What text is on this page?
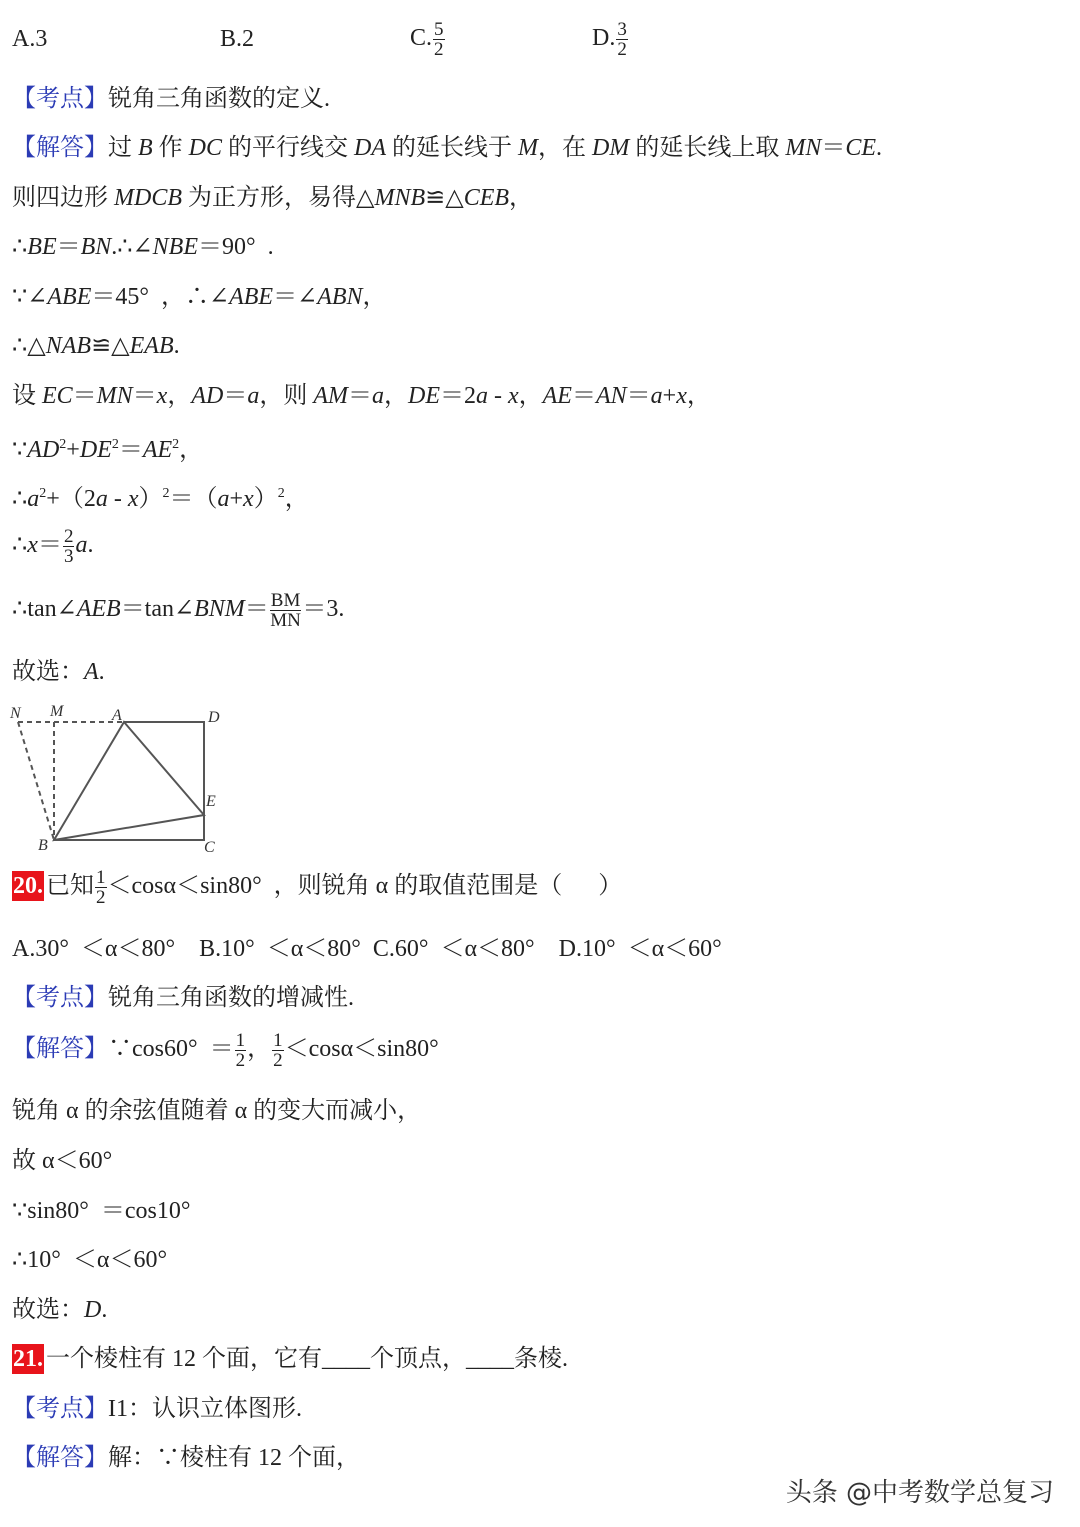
A.3	B.2	C. $\frac{5}{2}$	D. $\frac{3}{2}$
【考点】锐角三角函数的定义.
【解答】过 B 作 DC 的平行线交 DA 的延长线于 M，在 DM 的延长线上取 MN＝CE.
则四边形 MDCB 为正方形，易得△MNB≌△CEB，
∴BE＝BN.∴∠NBE＝90°  .
∵∠ABE＝45°  ，∴∠ABE＝∠ABN，
∴△NAB≌△EAB.
设 EC＝MN＝x，AD＝a，则 AM＝a，DE＝2a - x，AE＝AN＝a+x，
$\because AD^2+DE^2=AE^2$，
$\therefore a^2+(2a - x)^2=(a+x)^2$，
∴x＝ $\frac{2}{3} a$.
∴tan∠AEB＝tan∠BNM＝ $\frac{BM}{MN} =3$.
故选：A.
20. 已知 $\frac{1}{2} <\cos\alpha<\sin 80^\circ$  ，则锐角 α 的取值范围是（      ）
A.30°  ＜α＜80°    B.10°  ＜α＜80°  C.60°  ＜α＜80°    D.10°  ＜α＜60°
【考点】锐角三角函数的增减性.
【解答】∵cos60°  ＝ $\frac{1}{2}$ ， $\frac{1}{2} <\cos\alpha<\sin 80^\circ$
锐角 α 的余弦值随着 α 的变大而减小，
故 α＜60°
∵sin80°  ＝cos10°
∴10°  ＜α＜60°
故选：D.
21. 一个棱柱有 12 个面，它有____个顶点，____条棱.
【考点】I1：认识立体图形.
【解答】解：∵棱柱有 12 个面，
N M	A	D
E
B	C
头条 @中考数学总复习
